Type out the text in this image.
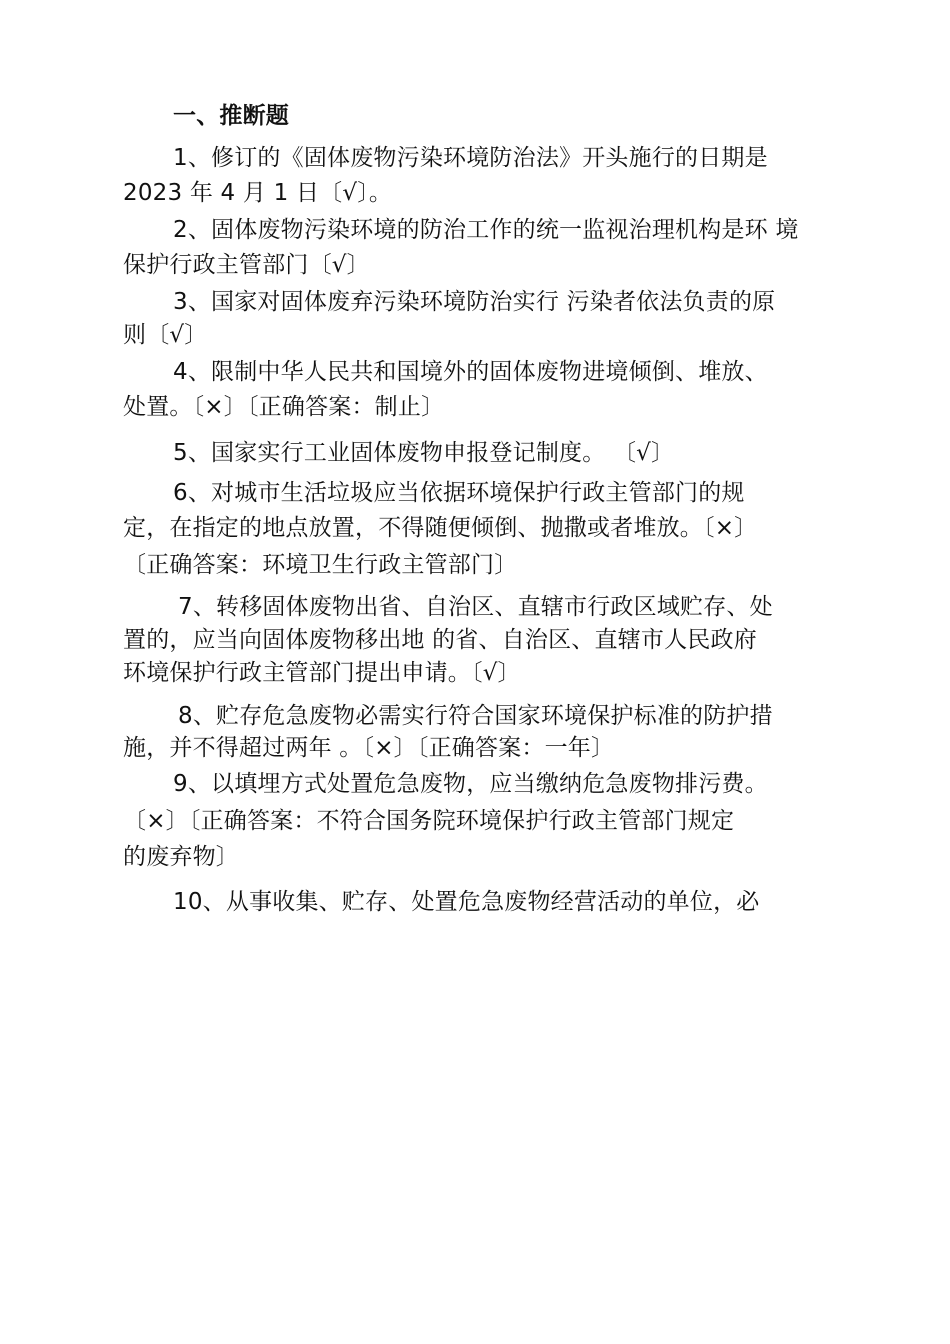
一、推断题
1、修订的《固体废物污染环境防治法》开头施行的日期是
2023 年 4 月 1 日〔√〕。
2、固体废物污染环境的防治工作的统一监视治理机构是环 境
保护行政主管部门〔√〕
3、国家对固体废弃污染环境防治实行 污染者依法负责的原
则〔√〕
4、限制中华人民共和国境外的固体废物进境倾倒、堆放、
处置。〔×〕〔正确答案：制止〕
5、国家实行工业固体废物申报登记制度。 〔√〕
6、对城市生活垃圾应当依据环境保护行政主管部门的规
定，在指定的地点放置，不得随便倾倒、抛撒或者堆放。〔×〕
〔正确答案：环境卫生行政主管部门〕
7、转移固体废物出省、自治区、直辖市行政区域贮存、处
置的，应当向固体废物移出地 的省、自治区、直辖市人民政府
环境保护行政主管部门提出申请。〔√〕
8、贮存危急废物必需实行符合国家环境保护标准的防护措
施，并不得超过两年 。〔×〕〔正确答案：一年〕
9、以填埋方式处置危急废物，应当缴纳危急废物排污费。
〔×〕〔正确答案：不符合国务院环境保护行政主管部门规定
的废弃物〕
10、从事收集、贮存、处置危急废物经营活动的单位，必
